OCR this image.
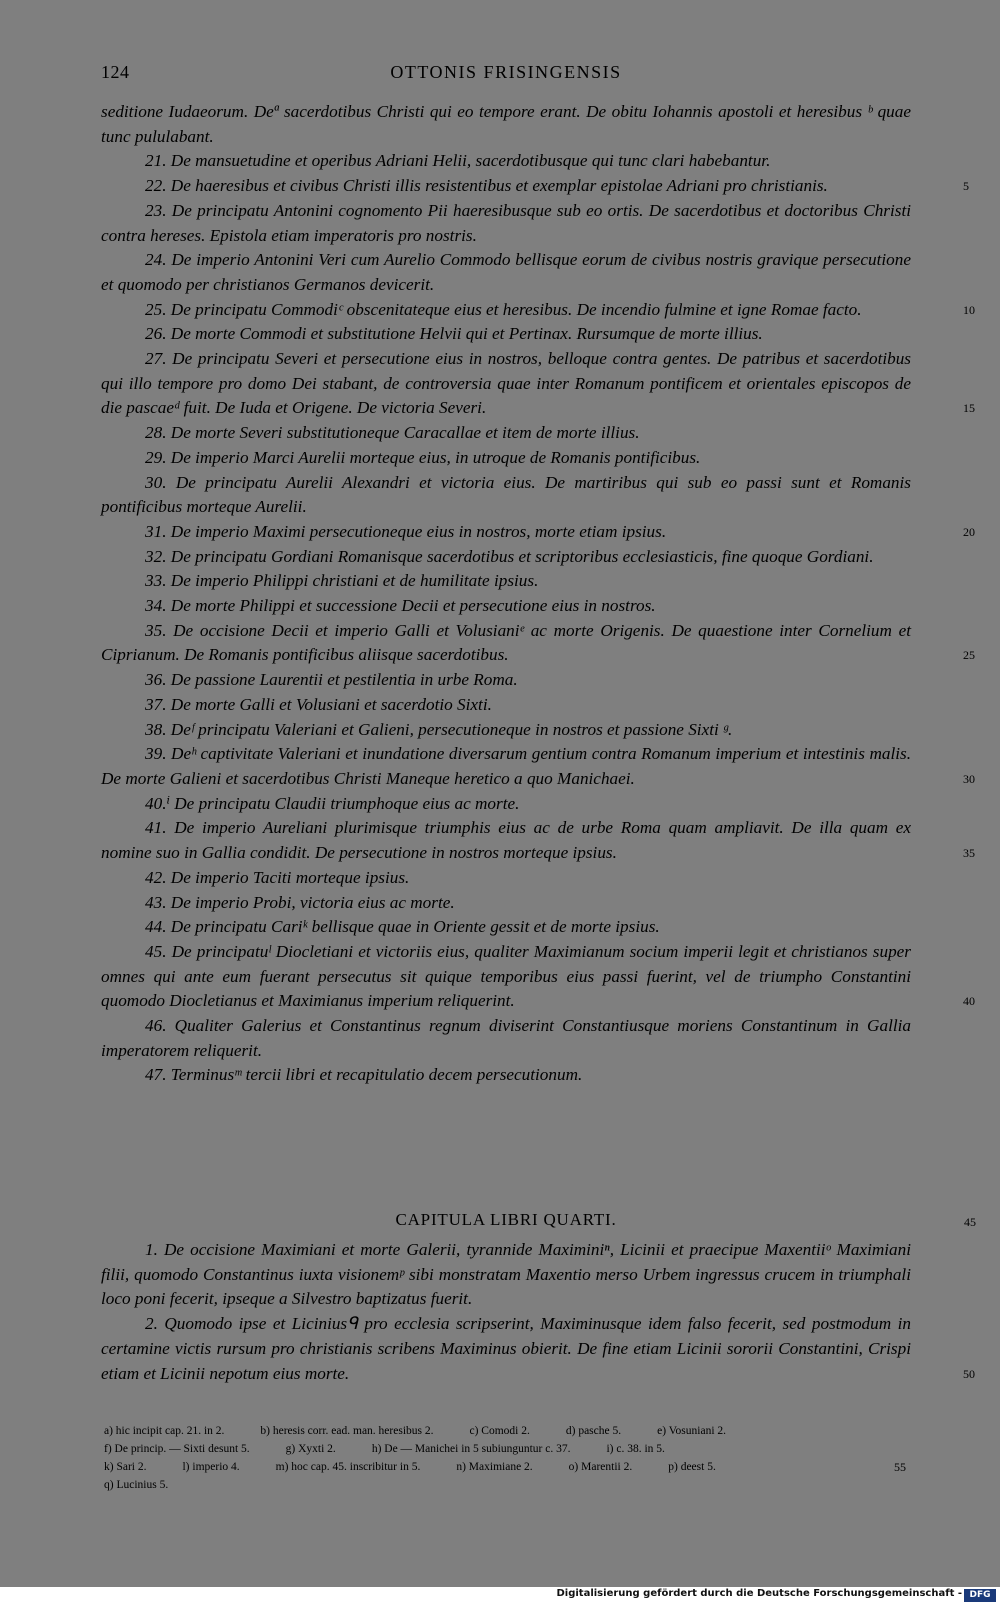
124	OTTONIS FRISINGENSIS

seditione Iudaeorum. Deª sacerdotibus Christi qui eo tempore erant. De obitu Iohannis apostoli et heresibus ᵇ quae tunc pululabant.

21. De mansuetudine et operibus Adriani Helii, sacerdotibusque qui tunc clari habebantur.

22. De haeresibus et civibus Christi illis resistentibus et exemplar epistolae Adriani pro christianis.	5

23. De principatu Antonini cognomento Pii haeresibusque sub eo ortis. De sacerdotibus et doctoribus Christi contra hereses. Epistola etiam imperatoris pro nostris.

24. De imperio Antonini Veri cum Aurelio Commodo bellisque eorum de civibus nostris gravique persecutione et quomodo per christianos Germanos devicerit.

25. De principatu Commodiᶜ obscenitateque eius et heresibus. De incendio fulmine et igne Romae facto.	10

26. De morte Commodi et substitutione Helvii qui et Pertinax. Rursumque de morte illius.

27. De principatu Severi et persecutione eius in nostros, belloque contra gentes. De patribus et sacerdotibus qui illo tempore pro domo Dei stabant, de controversia quae inter Romanum pontificem et orientales episcopos de die pascaeᵈ fuit. De Iuda et Origene. De victoria Severi.	15

28. De morte Severi substitutioneque Caracallae et item de morte illius.

29. De imperio Marci Aurelii morteque eius, in utroque de Romanis pontificibus.

30. De principatu Aurelii Alexandri et victoria eius. De martiribus qui sub eo passi sunt et Romanis pontificibus morteque Aurelii.

31. De imperio Maximi persecutioneque eius in nostros, morte etiam ipsius.	20

32. De principatu Gordiani Romanisque sacerdotibus et scriptoribus ecclesiasticis, fine quoque Gordiani.

33. De imperio Philippi christiani et de humilitate ipsius.

34. De morte Philippi et successione Decii et persecutione eius in nostros.

35. De occisione Decii et imperio Galli et Volusianiᵉ ac morte Origenis. De quaestione inter Cornelium et Ciprianum. De Romanis pontificibus aliisque sacerdotibus.	25

36. De passione Laurentii et pestilentia in urbe Roma.

37. De morte Galli et Volusiani et sacerdotio Sixti.

38. Deᶠ principatu Valeriani et Galieni, persecutioneque in nostros et passione Sixti ᵍ.

39. Deʰ captivitate Valeriani et inundatione diversarum gentium contra Romanum imperium et intestinis malis. De morte Galieni et sacerdotibus Christi Maneque heretico a quo Manichaei.	30

40.ⁱ De principatu Claudii triumphoque eius ac morte.

41. De imperio Aureliani plurimisque triumphis eius ac de urbe Roma quam ampliavit. De illa quam ex nomine suo in Gallia condidit. De persecutione in nostros morteque ipsius.	35

42. De imperio Taciti morteque ipsius.

43. De imperio Probi, victoria eius ac morte.

44. De principatu Cariᵏ bellisque quae in Oriente gessit et de morte ipsius.

45. De principatuˡ Diocletiani et victoriis eius, qualiter Maximianum socium imperii legit et christianos super omnes qui ante eum fuerant persecutus sit quique temporibus eius passi fuerint, vel de triumpho Constantini quomodo Diocletianus et Maximianus imperium reliquerint.	40

46. Qualiter Galerius et Constantinus regnum diviserint Constantiusque moriens Constantinum in Gallia imperatorem reliquerit.

47. Terminusᵐ tercii libri et recapitulatio decem persecutionum.

CAPITULA LIBRI QUARTI.	45

1. De occisione Maximiani et morte Galerii, tyrannide Maximiniⁿ, Licinii et praecipue Maxentiiᵒ Maximiani filii, quomodo Constantinus iuxta visionemᵖ sibi monstratam Maxentio merso Urbem ingressus crucem in triumphali loco poni fecerit, ipseque a Silvestro baptizatus fuerit.

2. Quomodo ipse et Liciniusᑫ pro ecclesia scripserint, Maximinusque idem falso fecerit, sed postmodum in certamine victis rursum pro christianis scribens Maximinus obierit. De fine etiam Licinii sororii Constantini, Crispi etiam et Licinii nepotum eius morte.	50

a) hic incipit cap. 21. in 2.	b) heresis corr. ead. man. heresibus 2.	c) Comodi 2.	d) pasche 5.	e) Vosuniani 2.
f) De princip. — Sixti desunt 5.	g) Xyxti 2.	h) De — Manichei in 5 subiunguntur c. 37.	i) c. 38. in 5.
k) Sari 2.	l) imperio 4.	m) hoc cap. 45. inscribitur in 5.	n) Maximiane 2.	o) Marentii 2.	p) deest 5.	55
q) Lucinius 5.
Digitalisierung gefördert durch die Deutsche Forschungsgemeinschaft - DFG
